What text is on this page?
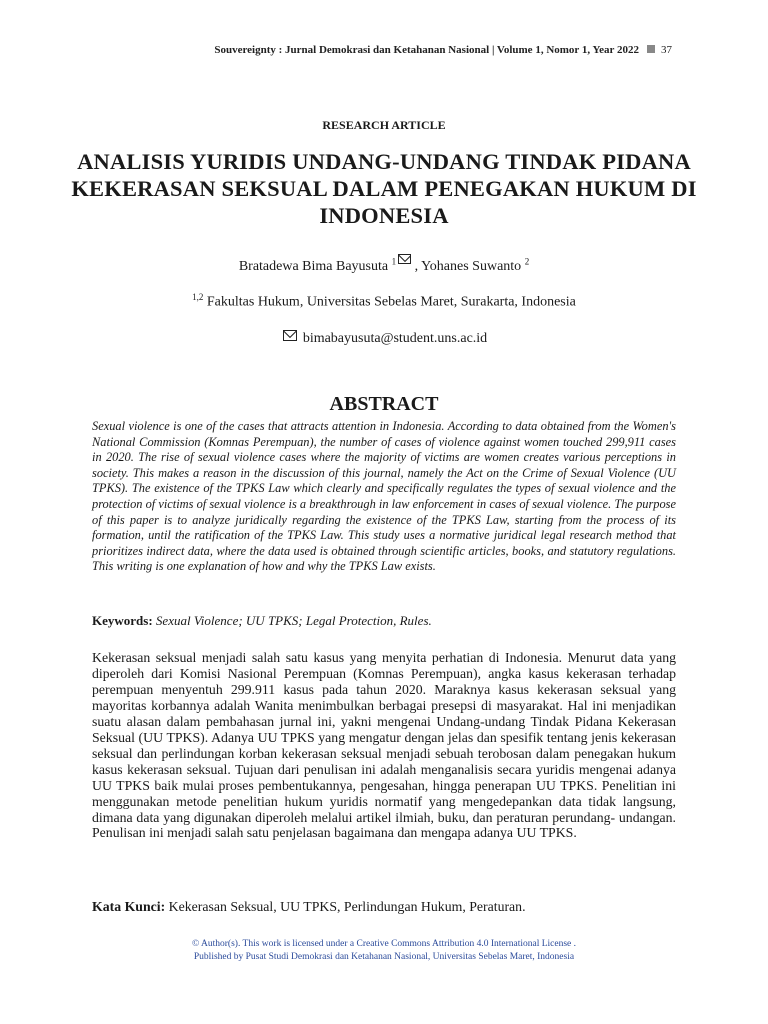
Souvereignty : Jurnal Demokrasi dan Ketahanan Nasional | Volume 1, Nomor 1, Year 2022 37
RESEARCH ARTICLE
ANALISIS YURIDIS UNDANG-UNDANG TINDAK PIDANA KEKERASAN SEKSUAL DALAM PENEGAKAN HUKUM DI INDONESIA
Bratadewa Bima Bayusuta $^1$ , Yohanes Suwanto $^2$
$^{1,2}$ Fakultas Hukum, Universitas Sebelas Maret, Surakarta, Indonesia
bimabayusuta@student.uns.ac.id
ABSTRACT

Sexual violence is one of the cases that attracts attention in Indonesia. According to data obtained from the Women's National Commission (Komnas Perempuan), the number of cases of violence against women touched 299,911 cases in 2020. The rise of sexual violence cases where the majority of victims are women creates various perceptions in society. This makes a reason in the discussion of this journal, namely the Act on the Crime of Sexual Violence (UU TPKS). The existence of the TPKS Law which clearly and specifically regulates the types of sexual violence and the protection of victims of sexual violence is a breakthrough in law enforcement in cases of sexual violence. The purpose of this paper is to analyze juridically regarding the existence of the TPKS Law, starting from the process of its formation, until the ratification of the TPKS Law. This study uses a normative juridical legal research method that prioritizes indirect data, where the data used is obtained through scientific articles, books, and statutory regulations. This writing is one explanation of how and why the TPKS Law exists.

Keywords: Sexual Violence; UU TPKS; Legal Protection, Rules.

Kekerasan seksual menjadi salah satu kasus yang menyita perhatian di Indonesia. Menurut data yang diperoleh dari Komisi Nasional Perempuan (Komnas Perempuan), angka kasus kekerasan terhadap perempuan menyentuh 299.911 kasus pada tahun 2020. Maraknya kasus kekerasan seksual yang mayoritas korbannya adalah Wanita menimbulkan berbagai presepsi di masyarakat. Hal ini menjadikan suatu alasan dalam pembahasan jurnal ini, yakni mengenai Undang-undang Tindak Pidana Kekerasan Seksual (UU TPKS). Adanya UU TPKS yang mengatur dengan jelas dan spesifik tentang jenis kekerasan seksual dan perlindungan korban kekerasan seksual menjadi sebuah terobosan dalam penegakan hukum kasus kekerasan seksual. Tujuan dari penulisan ini adalah menganalisis secara yuridis mengenai adanya UU TPKS baik mulai proses pembentukannya, pengesahan, hingga penerapan UU TPKS. Penelitian ini menggunakan metode penelitian hukum yuridis normatif yang mengedepankan data tidak langsung, dimana data yang digunakan diperoleh melalui artikel ilmiah, buku, dan peraturan perundang- undangan. Penulisan ini menjadi salah satu penjelasan bagaimana dan mengapa adanya UU TPKS.

Kata Kunci: Kekerasan Seksual, UU TPKS, Perlindungan Hukum, Peraturan.
© Author(s). This work is licensed under a Creative Commons Attribution 4.0 International License .
Published by Pusat Studi Demokrasi dan Ketahanan Nasional, Universitas Sebelas Maret, Indonesia
